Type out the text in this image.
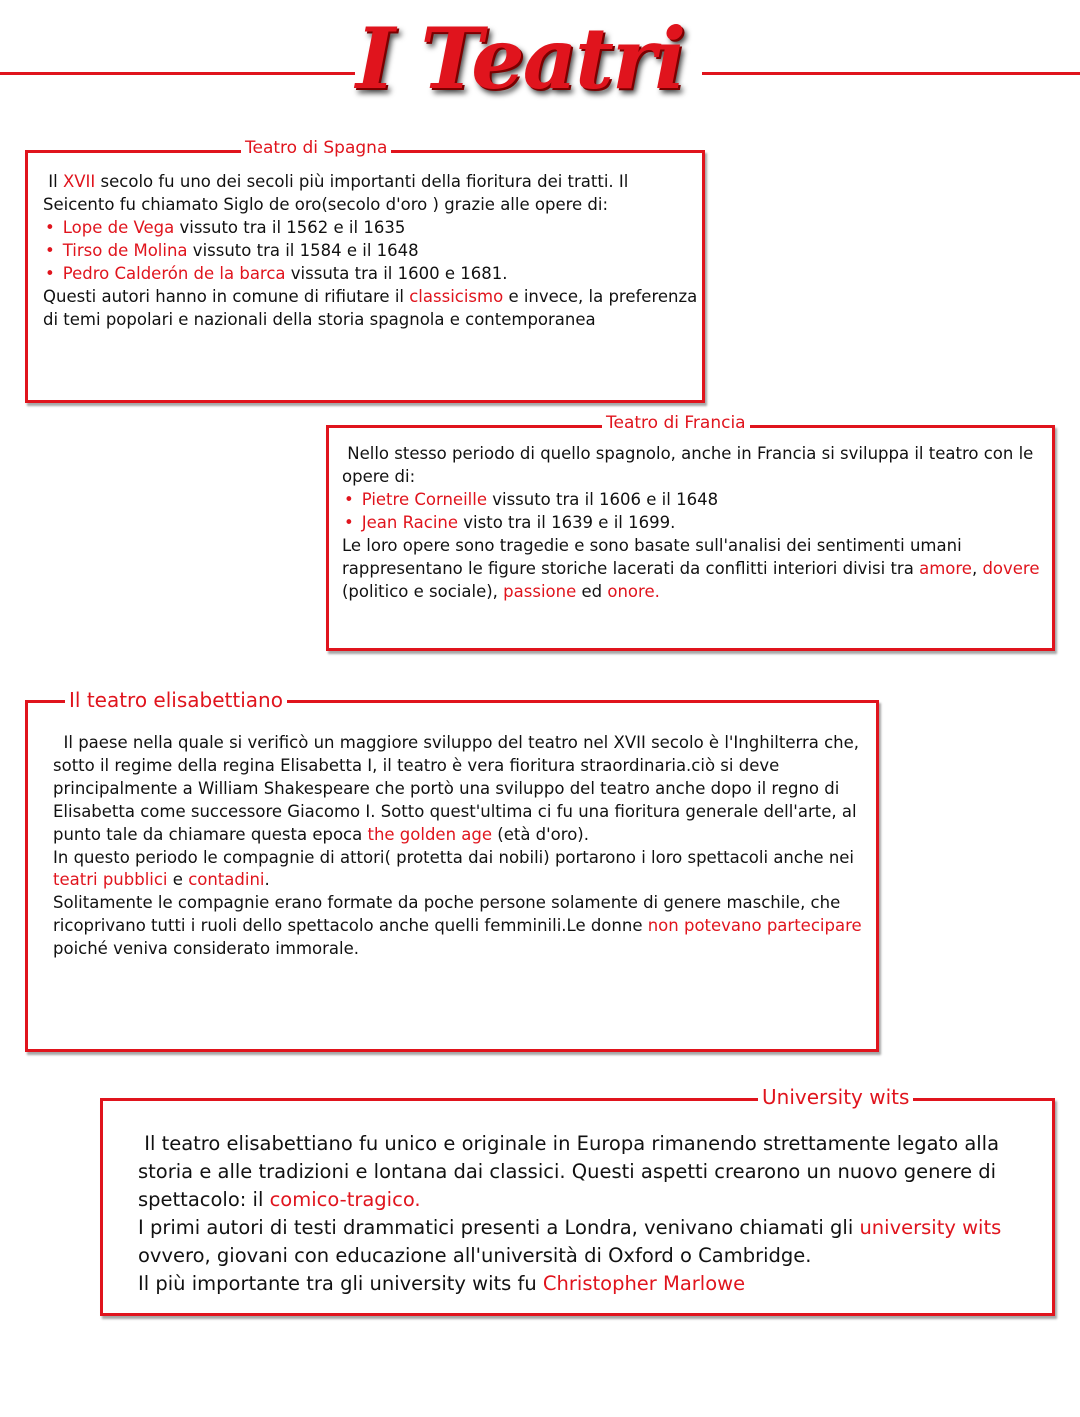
I Teatri
Teatro di Spagna

Il XVII secolo fu uno dei secoli più importanti della fioritura dei tratti. Il Seicento fu chiamato Siglo de oro(secolo d'oro ) grazie alle opere di:

• Lope de Vega vissuto tra il 1562 e il 1635

• Tirso de Molina vissuto tra il 1584 e il 1648

• Pedro Calderón de la barca vissuta tra il 1600 e 1681.

Questi autori hanno in comune di rifiutare il classicismo e invece, la preferenza di temi popolari e nazionali della storia spagnola e contemporanea

Teatro di Francia

Nello stesso periodo di quello spagnolo, anche in Francia si sviluppa il teatro con le opere di:

• Pietre Corneille vissuto tra il 1606 e il 1648

• Jean Racine visto tra il 1639 e il 1699.

Le loro opere sono tragedie e sono basate sull'analisi dei sentimenti umani rappresentano le figure storiche lacerati da conflitti interiori divisi tra amore, dovere (politico e sociale), passione ed onore.

Il teatro elisabettiano

Il paese nella quale si verificò un maggiore sviluppo del teatro nel XVII secolo è l'Inghilterra che, sotto il regime della regina Elisabetta I, il teatro è vera fioritura straordinaria.ciò si deve principalmente a William Shakespeare che portò una sviluppo del teatro anche dopo il regno di Elisabetta come successore Giacomo I. Sotto quest'ultima ci fu una fioritura generale dell'arte, al punto tale da chiamare questa epoca the golden age (età d'oro).

In questo periodo le compagnie di attori( protetta dai nobili) portarono i loro spettacoli anche nei teatri pubblici e contadini.

Solitamente le compagnie erano formate da poche persone solamente di genere maschile, che ricoprivano tutti i ruoli dello spettacolo anche quelli femminili.Le donne non potevano partecipare poiché veniva considerato immorale.

University wits

Il teatro elisabettiano fu unico e originale in Europa rimanendo strettamente legato alla storia e alle tradizioni e lontana dai classici. Questi aspetti crearono un nuovo genere di spettacolo: il comico-tragico.

I primi autori di testi drammatici presenti a Londra, venivano chiamati gli university wits ovvero, giovani con educazione all'università di Oxford o Cambridge.

Il più importante tra gli university wits fu Christopher Marlowe
